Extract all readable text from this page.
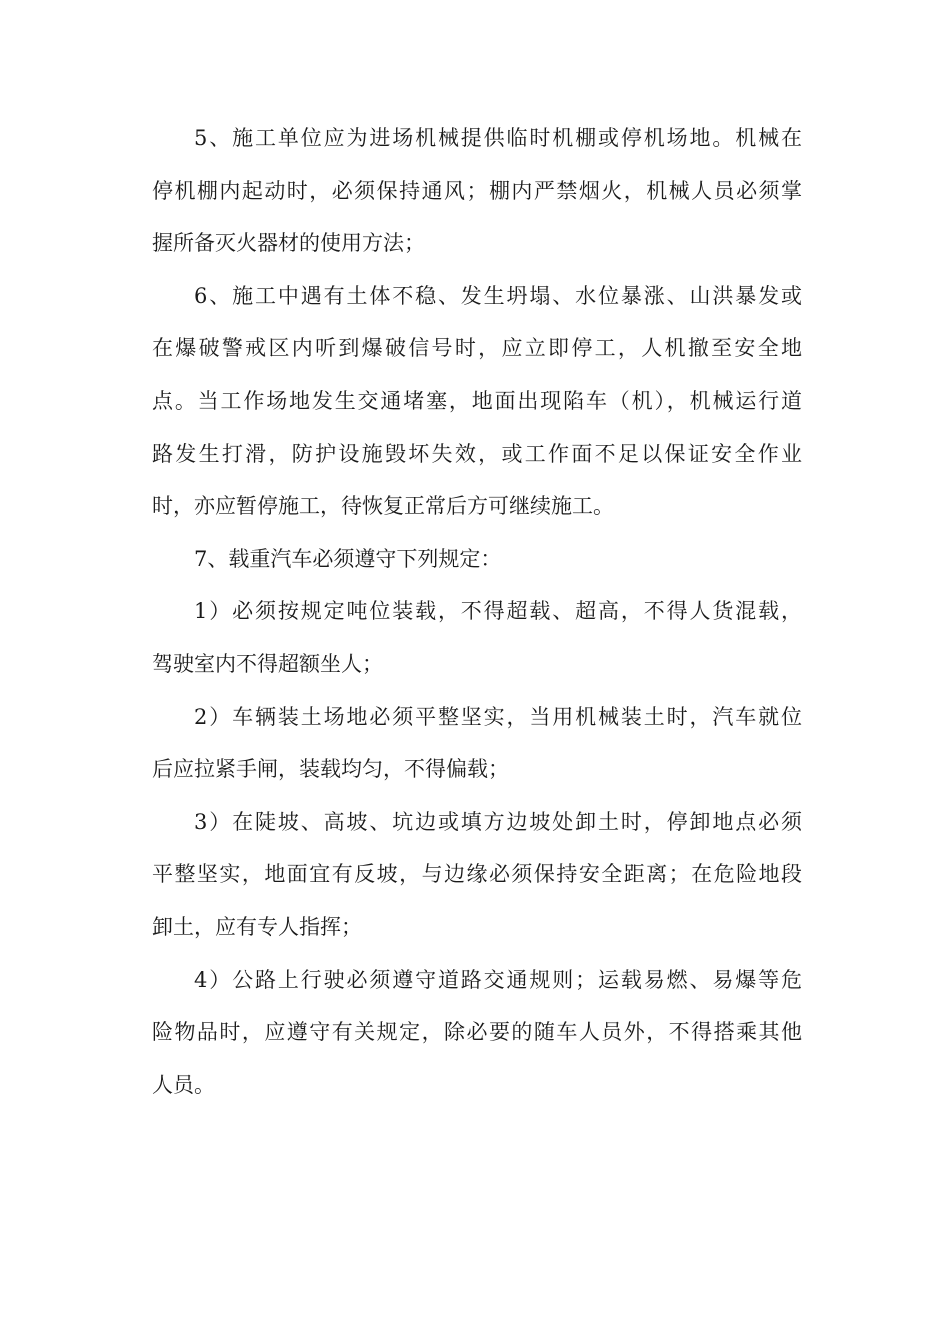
5、施工单位应为进场机械提供临时机棚或停机场地。机械在
停机棚内起动时，必须保持通风；棚内严禁烟火，机械人员必须掌
握所备灭火器材的使用方法；
6、施工中遇有土体不稳、发生坍塌、水位暴涨、山洪暴发或
在爆破警戒区内听到爆破信号时，应立即停工，人机撤至安全地
点。当工作场地发生交通堵塞，地面出现陷车（机），机械运行道
路发生打滑，防护设施毁坏失效，或工作面不足以保证安全作业
时，亦应暂停施工，待恢复正常后方可继续施工。
7、载重汽车必须遵守下列规定：
1）必须按规定吨位装载，不得超载、超高，不得人货混载，
驾驶室内不得超额坐人；
2）车辆装土场地必须平整坚实，当用机械装土时，汽车就位
后应拉紧手闸，装载均匀，不得偏载；
3）在陡坡、高坡、坑边或填方边坡处卸土时，停卸地点必须
平整坚实，地面宜有反坡，与边缘必须保持安全距离；在危险地段
卸土，应有专人指挥；
4）公路上行驶必须遵守道路交通规则；运载易燃、易爆等危
险物品时，应遵守有关规定，除必要的随车人员外，不得搭乘其他
人员。
